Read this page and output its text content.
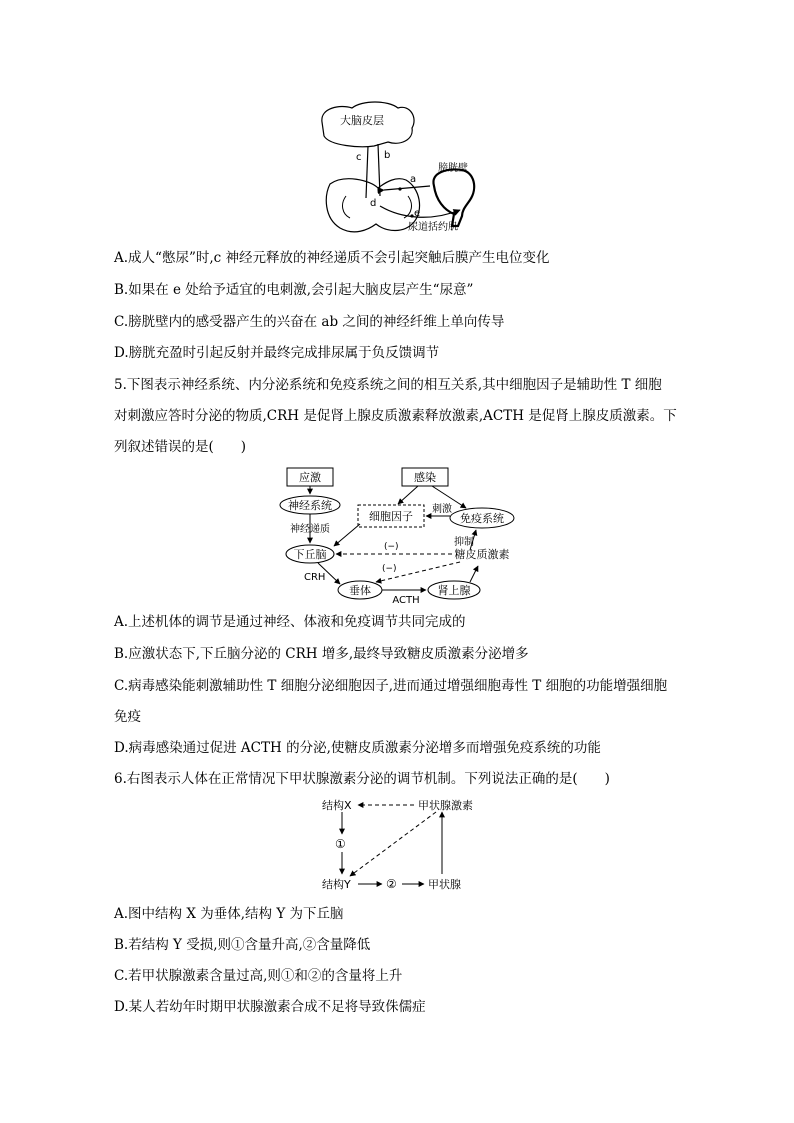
大脑皮层
c b
d
a
e
膀胱壁
尿道括约肌
A.成人“憋尿”时,c 神经元释放的神经递质不会引起突触后膜产生电位变化
B.如果在 e 处给予适宜的电刺激,会引起大脑皮层产生“尿意”
C.膀胱壁内的感受器产生的兴奋在 ab 之间的神经纤维上单向传导
D.膀胱充盈时引起反射并最终完成排尿属于负反馈调节
5.下图表示神经系统、内分泌系统和免疫系统之间的相互关系,其中细胞因子是辅助性 T 细胞
对刺激应答时分泌的物质,CRH 是促肾上腺皮质激素释放激素,ACTH 是促肾上腺皮质激素。下
列叙述错误的是(　　)
应激	感染
神经系统
细胞因子	免疫系统
刺激
神经递质
下丘脑
(−)	抑制
糖皮质激素
(−)
CRH
垂体	肾上腺
ACTH
A.上述机体的调节是通过神经、体液和免疫调节共同完成的
B.应激状态下,下丘脑分泌的 CRH 增多,最终导致糖皮质激素分泌增多
C.病毒感染能刺激辅助性 T 细胞分泌细胞因子,进而通过增强细胞毒性 T 细胞的功能增强细胞
免疫
D.病毒感染通过促进 ACTH 的分泌,使糖皮质激素分泌增多而增强免疫系统的功能
6.右图表示人体在正常情况下甲状腺激素分泌的调节机制。下列说法正确的是(　　)
结构X	甲状腺激素
①
结构Y	②	甲状腺
A.图中结构 X 为垂体,结构 Y 为下丘脑
B.若结构 Y 受损,则①含量升高,②含量降低
C.若甲状腺激素含量过高,则①和②的含量将上升
D.某人若幼年时期甲状腺激素合成不足将导致侏儒症
